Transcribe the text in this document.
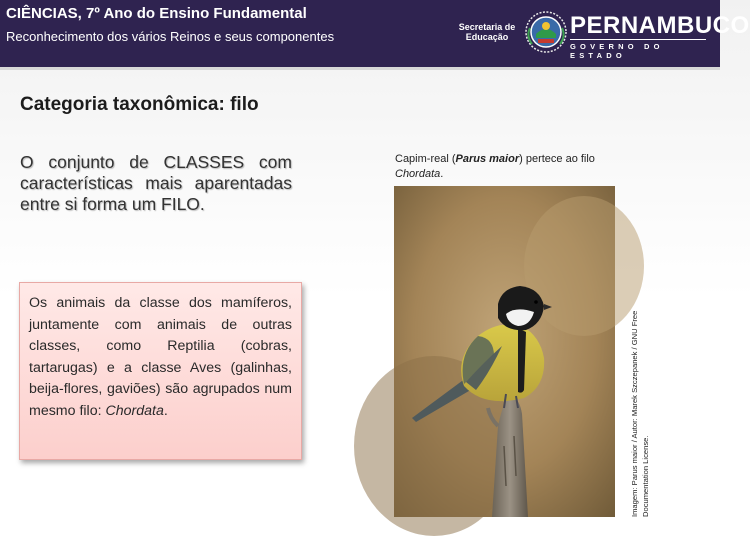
CIÊNCIAS, 7º Ano do Ensino Fundamental
Reconhecimento dos vários Reinos e seus componentes
Secretaria de
Educação	PERNAMBUCO
GOVERNO DO ESTADO
Categoria taxonômica: filo
O conjunto de CLASSES com características mais aparentadas entre si forma um FILO.

Os animais da classe dos mamíferos, juntamente com animais de outras classes, como Reptilia (cobras, tartarugas) e a classe Aves (galinhas, beija-flores, gaviões) são agrupados num mesmo filo: Chordata.

Capim-real (Parus maior) pertece ao filo Chordata.
Imagem: Parus maior / Autor: Marek Szczepanek / GNU Free Documentation License.
